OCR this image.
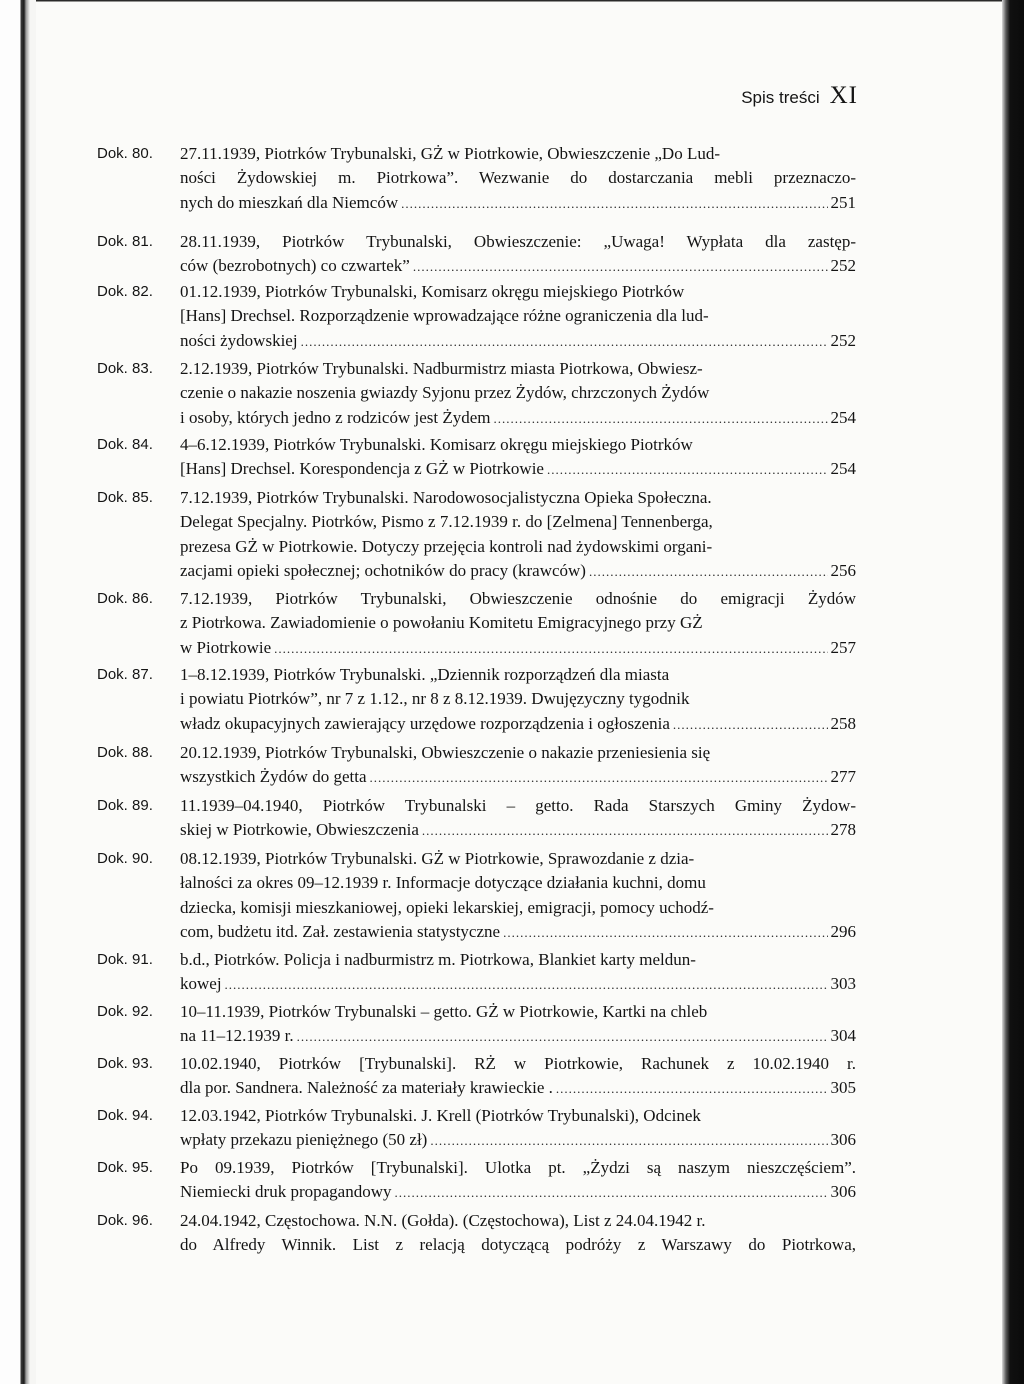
Spis treści XI
Dok. 80. 27.11.1939, Piotrków Trybunalski, GŻ w Piotrkowie, Obwieszczenie „Do Lud-
ności Żydowskiej m. Piotrkowa”. Wezwanie do dostarczania mebli przeznaczo-
nych do mieszkań dla Niemców .....	251
Dok. 81. 28.11.1939, Piotrków Trybunalski, Obwieszczenie: „Uwaga! Wypłata dla zastęp-
ców (bezrobotnych) co czwartek” .....	252
Dok. 82. 01.12.1939, Piotrków Trybunalski, Komisarz okręgu miejskiego Piotrków
[Hans] Drechsel. Rozporządzenie wprowadzające różne ograniczenia dla lud-
ności żydowskiej .....	252
Dok. 83. 2.12.1939, Piotrków Trybunalski. Nadburmistrz miasta Piotrkowa, Obwiesz-
czenie o nakazie noszenia gwiazdy Syjonu przez Żydów, chrzczonych Żydów
i osoby, których jedno z rodziców jest Żydem .....	254
Dok. 84. 4–6.12.1939, Piotrków Trybunalski. Komisarz okręgu miejskiego Piotrków
[Hans] Drechsel. Korespondencja z GŻ w Piotrkowie .....	254
Dok. 85. 7.12.1939, Piotrków Trybunalski. Narodowosocjalistyczna Opieka Społeczna.
Delegat Specjalny. Piotrków, Pismo z 7.12.1939 r. do [Zelmena] Tennenberga,
prezesa GŻ w Piotrkowie. Dotyczy przejęcia kontroli nad żydowskimi organi-
zacjami opieki społecznej; ochotników do pracy (krawców) .....	256
Dok. 86. 7.12.1939, Piotrków Trybunalski, Obwieszczenie odnośnie do emigracji Żydów
z Piotrkowa. Zawiadomienie o powołaniu Komitetu Emigracyjnego przy GŻ
w Piotrkowie .....	257
Dok. 87. 1–8.12.1939, Piotrków Trybunalski. „Dziennik rozporządzeń dla miasta
i powiatu Piotrków”, nr 7 z 1.12., nr 8 z 8.12.1939. Dwujęzyczny tygodnik
władz okupacyjnych zawierający urzędowe rozporządzenia i ogłoszenia .....	258
Dok. 88. 20.12.1939, Piotrków Trybunalski, Obwieszczenie o nakazie przeniesienia się
wszystkich Żydów do getta .....	277
Dok. 89. 11.1939–04.1940, Piotrków Trybunalski – getto. Rada Starszych Gminy Żydow-
skiej w Piotrkowie, Obwieszczenia .....	278
Dok. 90. 08.12.1939, Piotrków Trybunalski. GŻ w Piotrkowie, Sprawozdanie z dzia-
łalności za okres 09–12.1939 r. Informacje dotyczące działania kuchni, domu
dziecka, komisji mieszkaniowej, opieki lekarskiej, emigracji, pomocy uchodź-
com, budżetu itd. Zał. zestawienia statystyczne .....	296
Dok. 91. b.d., Piotrków. Policja i nadburmistrz m. Piotrkowa, Blankiet karty meldun-
kowej .....	303
Dok. 92. 10–11.1939, Piotrków Trybunalski – getto. GŻ w Piotrkowie, Kartki na chleb
na 11–12.1939 r. .....	304
Dok. 93. 10.02.1940, Piotrków [Trybunalski]. RŻ w Piotrkowie, Rachunek z 10.02.1940 r.
dla por. Sandnera. Należność za materiały krawieckie . .....	305
Dok. 94. 12.03.1942, Piotrków Trybunalski. J. Krell (Piotrków Trybunalski), Odcinek
wpłaty przekazu pieniężnego (50 zł) .....	306
Dok. 95. Po 09.1939, Piotrków [Trybunalski]. Ulotka pt. „Żydzi są naszym nieszczęściem”.
Niemiecki druk propagandowy .....	306
Dok. 96. 24.04.1942, Częstochowa. N.N. (Gołda). (Częstochowa), List z 24.04.1942 r.
do Alfredy Winnik. List z relacją dotyczącą podróży z Warszawy do Piotrkowa,
